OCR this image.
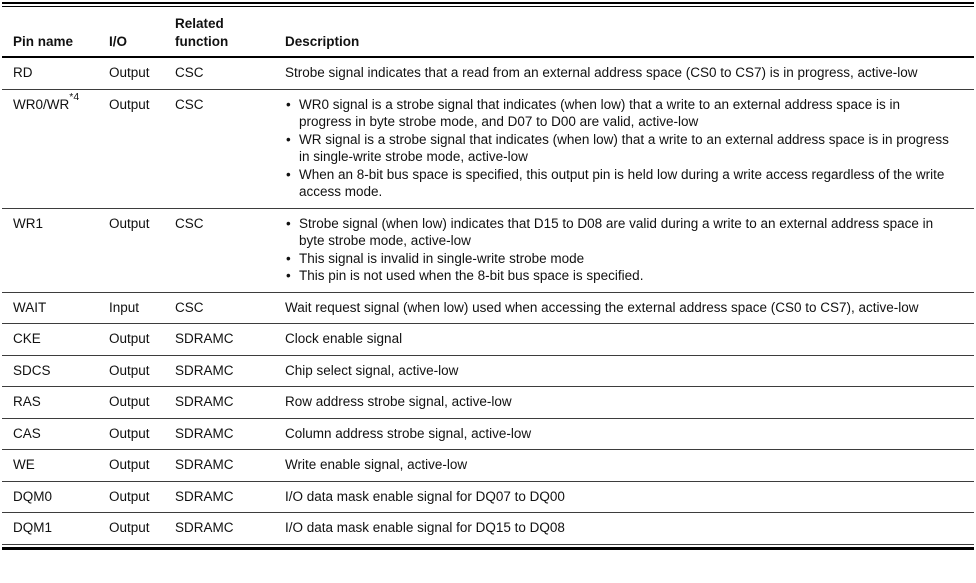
Pin name	I/O	Related function	Description
RD	Output	CSC	Strobe signal indicates that a read from an external address space (CS0 to CS7) is in progress, active-low

WR0/WR$^{*4}$	Output	CSC	
•WR0 signal is a strobe signal that indicates (when low) that a write to an external address space is in progress in byte strobe mode, and D07 to D00 are valid, active-low
• WR signal is a strobe signal that indicates (when low) that a write to an external address space is in progress in single-write strobe mode, active-low
• When an 8-bit bus space is specified, this output pin is held low during a write access regardless of the write access mode.

WR1	Output	CSC	
•Strobe signal (when low) indicates that D15 to D08 are valid during a write to an external address space in byte strobe mode, active-low
• This signal is invalid in single-write strobe mode
• This pin is not used when the 8-bit bus space is specified.

WAIT	Input	CSC	Wait request signal (when low) used when accessing the external address space (CS0 to CS7), active-low

CKE	Output	SDRAMC	Clock enable signal

SDCS	Output	SDRAMC	Chip select signal, active-low

RAS	Output	SDRAMC	Row address strobe signal, active-low

CAS	Output	SDRAMC	Column address strobe signal, active-low

WE	Output	SDRAMC	Write enable signal, active-low

DQM0	Output	SDRAMC	I/O data mask enable signal for DQ07 to DQ00

DQM1	Output	SDRAMC	I/O data mask enable signal for DQ15 to DQ08
